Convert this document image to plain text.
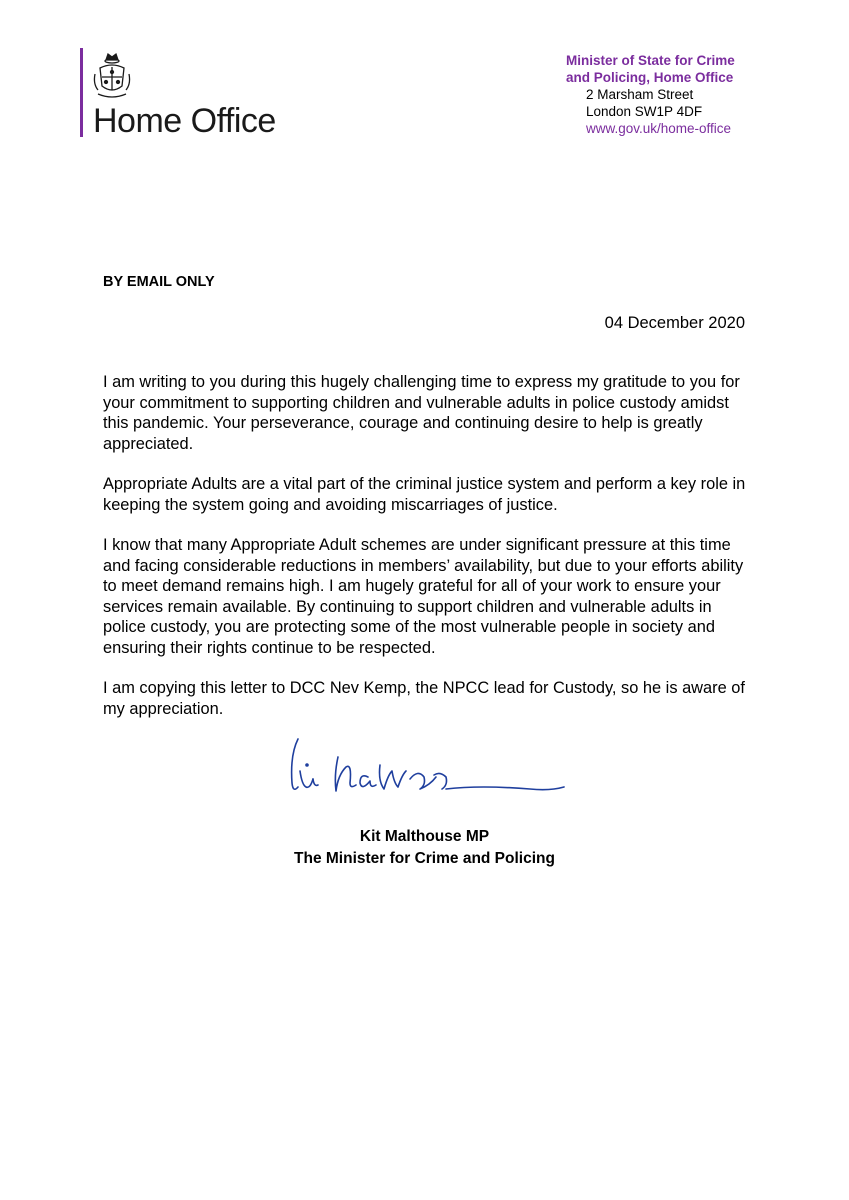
Home Office
Minister of State for Crime
and Policing, Home Office
2 Marsham Street
London SW1P 4DF
www.gov.uk/home-office
BY EMAIL ONLY
04 December 2020

I am writing to you during this hugely challenging time to express my gratitude to you for your commitment to supporting children and vulnerable adults in police custody amidst this pandemic. Your perseverance, courage and continuing desire to help is greatly appreciated.

Appropriate Adults are a vital part of the criminal justice system and perform a key role in keeping the system going and avoiding miscarriages of justice.

I know that many Appropriate Adult schemes are under significant pressure at this time and facing considerable reductions in members’ availability, but due to your efforts ability to meet demand remains high. I am hugely grateful for all of your work to ensure your services remain available. By continuing to support children and vulnerable adults in police custody, you are protecting some of the most vulnerable people in society and ensuring their rights continue to be respected.

I am copying this letter to DCC Nev Kemp, the NPCC lead for Custody, so he is aware of my appreciation.

Kit Malthouse MP
The Minister for Crime and Policing
